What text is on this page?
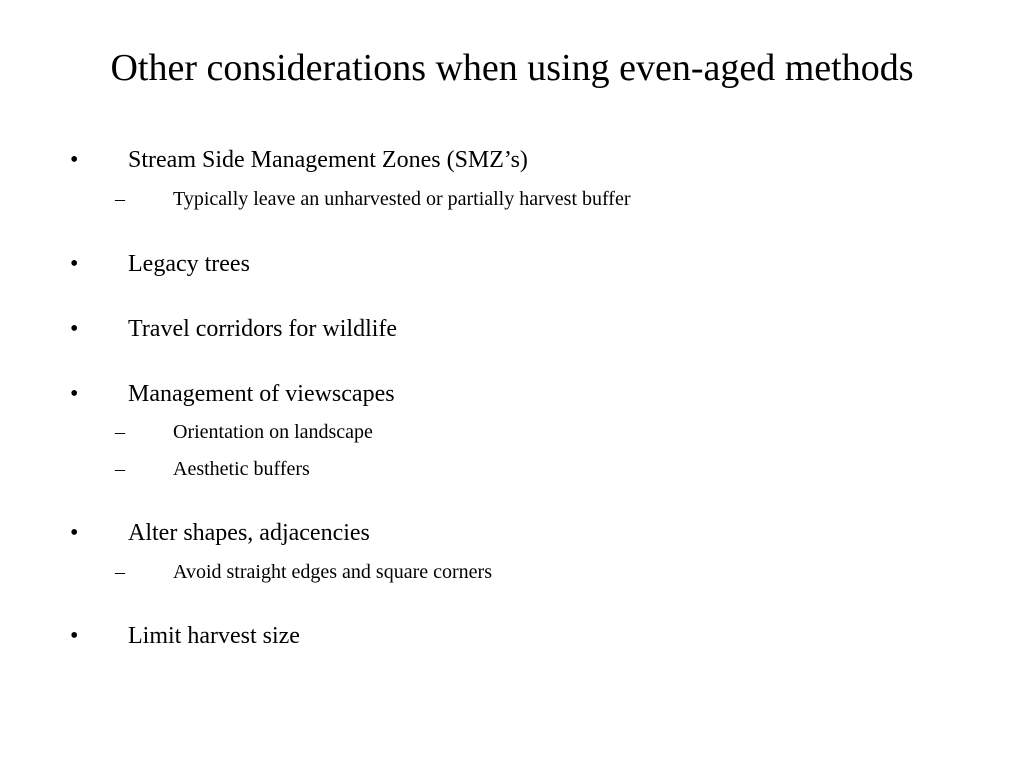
Other considerations when using even-aged methods
• Stream Side Management Zones (SMZ’s)
– Typically leave an unharvested or partially harvest buffer
• Legacy trees
• Travel corridors for wildlife
• Management of viewscapes
– Orientation on landscape
– Aesthetic buffers
• Alter shapes, adjacencies
– Avoid straight edges and square corners
• Limit harvest size
